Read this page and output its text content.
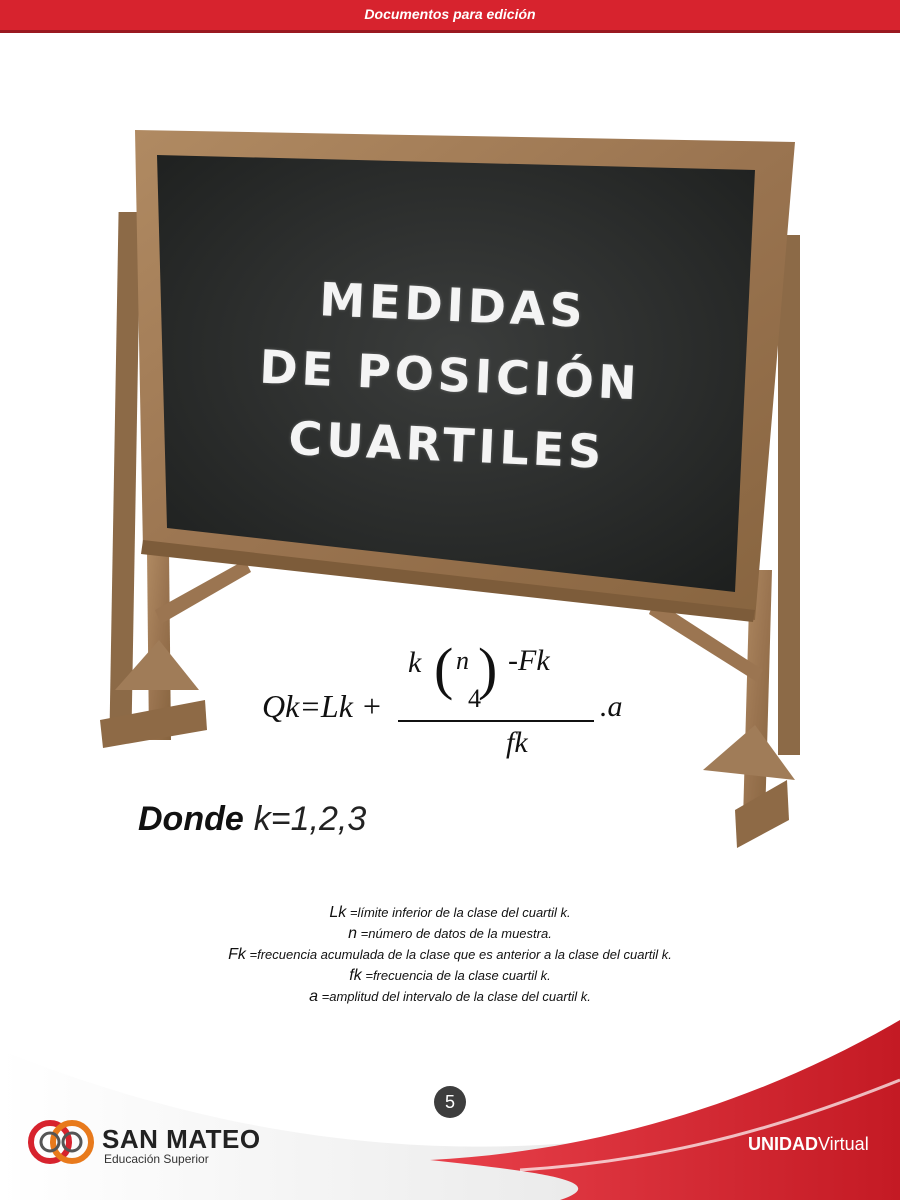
Documentos para edición
MEDIDAS
DE POSICIÓN
CUARTILES
Qk=Lk +
k ( n
4
) -Fk
.a
fk
Donde k=1,2,3
Lk =límite inferior de la clase del cuartil k.
n =número de datos de la muestra.
Fk =frecuencia acumulada de la clase que es anterior a la clase del cuartil k.
fk =frecuencia de la clase cuartil k.
a =amplitud del intervalo de la clase del cuartil k.
5
SAN MATEO
Educación Superior
UNIDADVirtual
